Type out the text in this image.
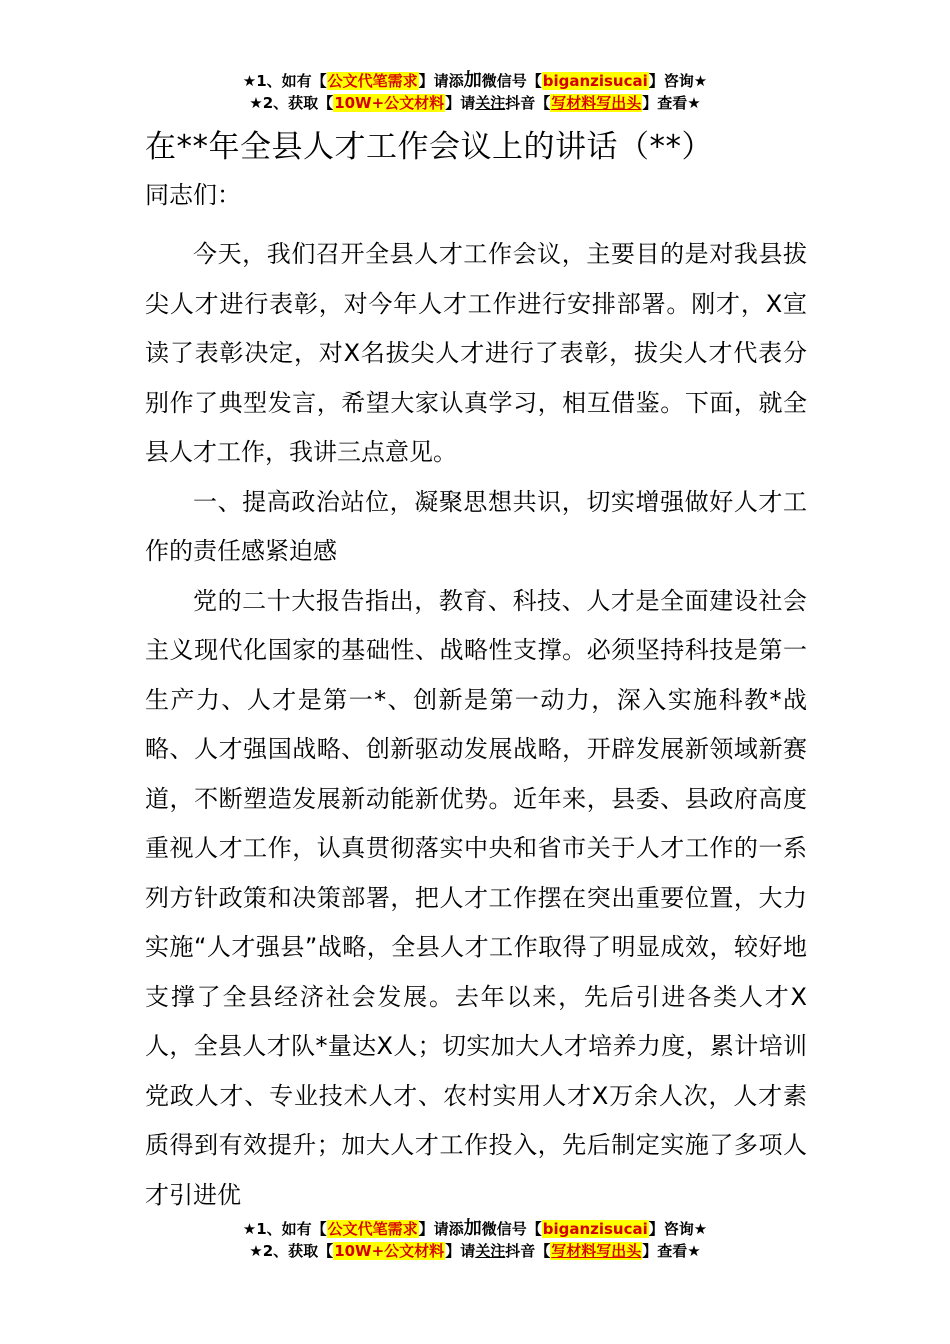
★1、如有【公文代笔需求】请添加微信号【biganzisucai】咨询★
★2、获取【10W+公文材料】请关注抖音【写材料写出头】查看★
在**年全县人才工作会议上的讲话（**）

同志们：

今天，我们召开全县人才工作会议，主要目的是对我县拔尖人才进行表彰，对今年人才工作进行安排部署。刚才，X宣读了表彰决定，对X名拔尖人才进行了表彰，拔尖人才代表分别作了典型发言，希望大家认真学习，相互借鉴。下面，就全县人才工作，我讲三点意见。

一、提高政治站位，凝聚思想共识，切实增强做好人才工作的责任感紧迫感

党的二十大报告指出，教育、科技、人才是全面建设社会主义现代化国家的基础性、战略性支撑。必须坚持科技是第一生产力、人才是第一*、创新是第一动力，深入实施科教*战略、人才强国战略、创新驱动发展战略，开辟发展新领域新赛道，不断塑造发展新动能新优势。近年来，县委、县政府高度重视人才工作，认真贯彻落实中央和省市关于人才工作的一系列方针政策和决策部署，把人才工作摆在突出重要位置，大力实施“人才强县”战略，全县人才工作取得了明显成效，较好地支撑了全县经济社会发展。去年以来，先后引进各类人才X人，全县人才队*量达X人；切实加大人才培养力度，累计培训党政人才、专业技术人才、农村实用人才X万余人次，人才素质得到有效提升；加大人才工作投入，先后制定实施了多项人才引进优

★1、如有【公文代笔需求】请添加微信号【biganzisucai】咨询★
★2、获取【10W+公文材料】请关注抖音【写材料写出头】查看★
